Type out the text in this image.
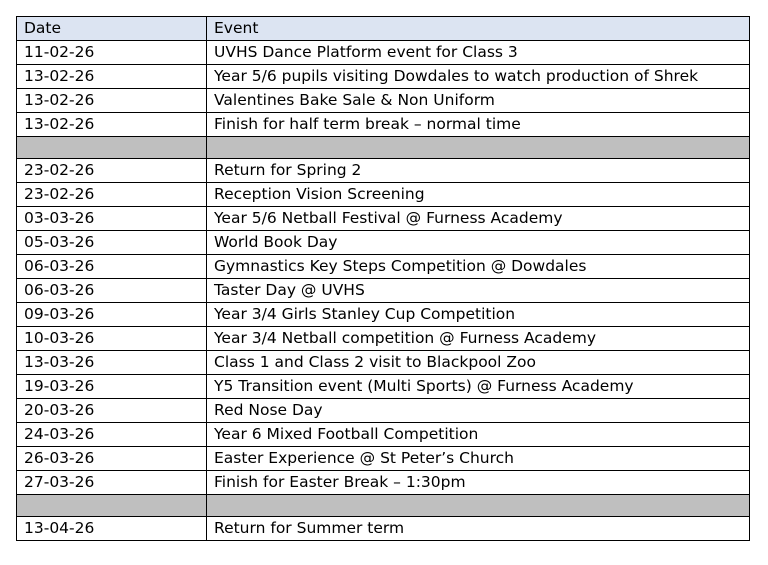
Date	Event
11-02-26	UVHS Dance Platform event for Class 3
13-02-26	Year 5/6 pupils visiting Dowdales to watch production of Shrek
13-02-26	Valentines Bake Sale & Non Uniform
13-02-26	Finish for half term break – normal time

23-02-26	Return for Spring 2
23-02-26	Reception Vision Screening
03-03-26	Year 5/6 Netball Festival @ Furness Academy
05-03-26	World Book Day
06-03-26	Gymnastics Key Steps Competition @ Dowdales
06-03-26	Taster Day @ UVHS
09-03-26	Year 3/4 Girls Stanley Cup Competition
10-03-26	Year 3/4 Netball competition @ Furness Academy
13-03-26	Class 1 and Class 2 visit to Blackpool Zoo
19-03-26	Y5 Transition event (Multi Sports) @ Furness Academy
20-03-26	Red Nose Day
24-03-26	Year 6 Mixed Football Competition
26-03-26	Easter Experience @ St Peter’s Church
27-03-26	Finish for Easter Break – 1:30pm

13-04-26	Return for Summer term
